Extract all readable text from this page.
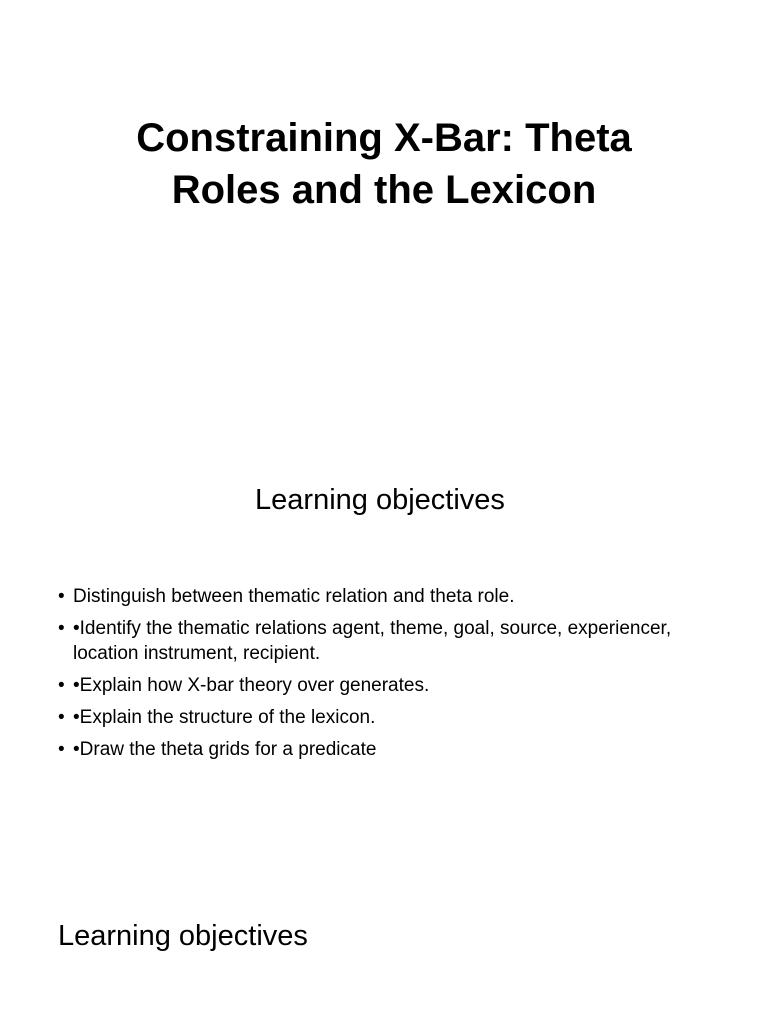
Constraining X-Bar: Theta Roles and the Lexicon
Learning objectives
• Distinguish between thematic relation and theta role.
• •Identify the thematic relations agent, theme, goal, source, experiencer, location instrument, recipient.
• •Explain how X-bar theory over generates.
• •Explain the structure of the lexicon.
• •Draw the theta grids for a predicate
Learning objectives
